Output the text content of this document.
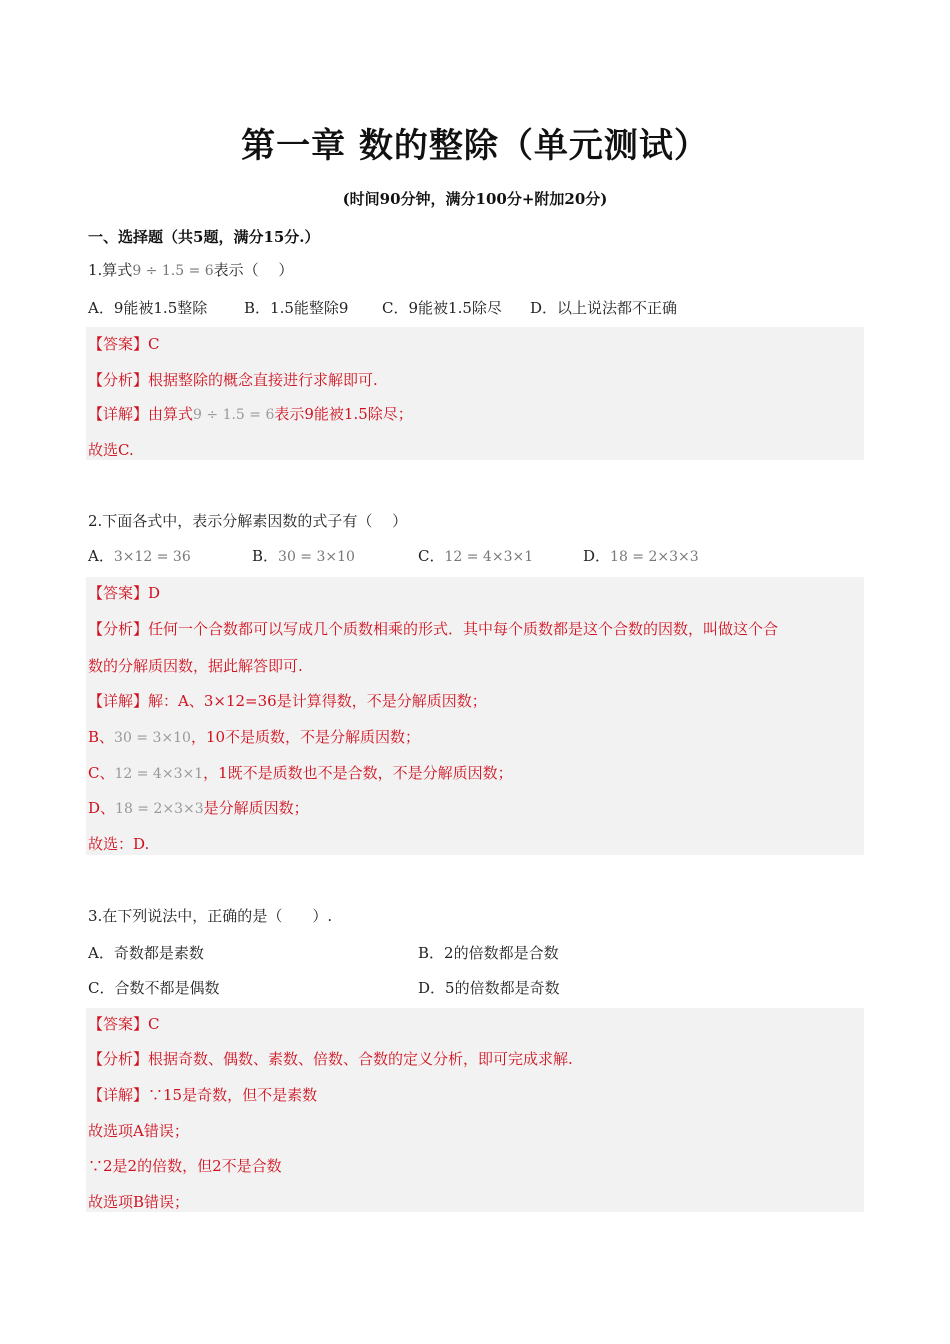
第一章 数的整除（单元测试）
(时间90分钟，满分100分+附加20分)
一、选择题（共5题，满分15分.）
1.算式9 ÷ 1.5 = 6表示（　 ）
A．9能被1.5整除 B．1.5能整除9 C．9能被1.5除尽 D．以上说法都不正确
【答案】C
【分析】根据整除的概念直接进行求解即可.
【详解】由算式9 ÷ 1.5 = 6表示9能被1.5除尽；
故选C.
2.下面各式中，表示分解素因数的式子有（　 ）
A．3×12 = 36	B．30 = 3×10	C．12 = 4×3×1	D．18 = 2×3×3
【答案】D
【分析】任何一个合数都可以写成几个质数相乘的形式．其中每个质数都是这个合数的因数，叫做这个合
数的分解质因数，据此解答即可.
【详解】解：A、3×12=36是计算得数，不是分解质因数；
B、30 = 3×10，10不是质数，不是分解质因数；
C、12 = 4×3×1，1既不是质数也不是合数，不是分解质因数；
D、18 = 2×3×3是分解质因数；
故选：D.
3.在下列说法中，正确的是（　　）.
A．奇数都是素数	B．2的倍数都是合数
C．合数不都是偶数	D．5的倍数都是奇数
【答案】C
【分析】根据奇数、偶数、素数、倍数、合数的定义分析，即可完成求解.
【详解】∵15是奇数，但不是素数
故选项A错误；
∵2是2的倍数，但2不是合数
故选项B错误；
